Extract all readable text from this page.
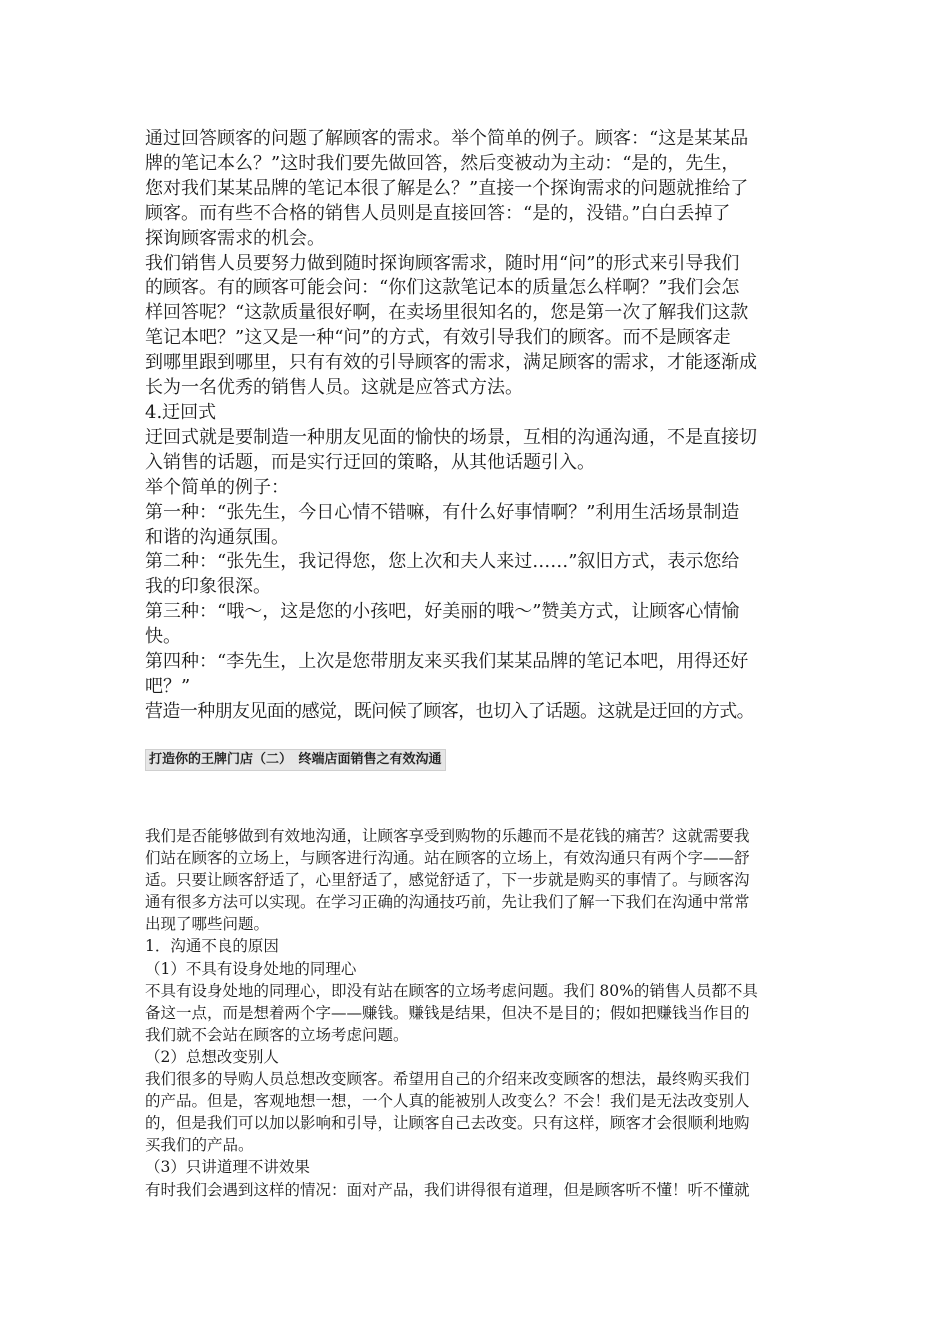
通过回答顾客的问题了解顾客的需求。举个简单的例子。顾客：“这是某某品

牌的笔记本么？”这时我们要先做回答，然后变被动为主动：“是的，先生，

您对我们某某品牌的笔记本很了解是么？”直接一个探询需求的问题就推给了

顾客。而有些不合格的销售人员则是直接回答：“是的，没错。”白白丢掉了

探询顾客需求的机会。

我们销售人员要努力做到随时探询顾客需求，随时用“问”的形式来引导我们

的顾客。有的顾客可能会问：“你们这款笔记本的质量怎么样啊？”我们会怎

样回答呢？“这款质量很好啊，在卖场里很知名的，您是第一次了解我们这款

笔记本吧？”这又是一种“问”的方式，有效引导我们的顾客。而不是顾客走

到哪里跟到哪里，只有有效的引导顾客的需求，满足顾客的需求，才能逐渐成

长为一名优秀的销售人员。这就是应答式方法。

4.迂回式

迂回式就是要制造一种朋友见面的愉快的场景，互相的沟通沟通，不是直接切

入销售的话题，而是实行迂回的策略，从其他话题引入。

举个简单的例子：

第一种：“张先生，今日心情不错嘛，有什么好事情啊？”利用生活场景制造

和谐的沟通氛围。

第二种：“张先生，我记得您，您上次和夫人来过……”叙旧方式，表示您给

我的印象很深。

第三种：“哦～，这是您的小孩吧，好美丽的哦～”赞美方式，让顾客心情愉

快。

第四种：“李先生，上次是您带朋友来买我们某某品牌的笔记本吧，用得还好

吧？”

营造一种朋友见面的感觉，既问候了顾客，也切入了话题。这就是迂回的方式。

打造你的王牌门店（二）　终端店面销售之有效沟通

我们是否能够做到有效地沟通，让顾客享受到购物的乐趣而不是花钱的痛苦？这就需要我

们站在顾客的立场上，与顾客进行沟通。站在顾客的立场上，有效沟通只有两个字——舒

适。只要让顾客舒适了，心里舒适了，感觉舒适了，下一步就是购买的事情了。与顾客沟

通有很多方法可以实现。在学习正确的沟通技巧前，先让我们了解一下我们在沟通中常常

出现了哪些问题。

1．沟通不良的原因

（1）不具有设身处地的同理心

不具有设身处地的同理心，即没有站在顾客的立场考虑问题。我们 80%的销售人员都不具

备这一点，而是想着两个字——赚钱。赚钱是结果，但决不是目的；假如把赚钱当作目的

我们就不会站在顾客的立场考虑问题。

（2）总想改变别人

我们很多的导购人员总想改变顾客。希望用自己的介绍来改变顾客的想法，最终购买我们

的产品。但是，客观地想一想，一个人真的能被别人改变么？不会！我们是无法改变别人

的，但是我们可以加以影响和引导，让顾客自己去改变。只有这样，顾客才会很顺利地购

买我们的产品。

（3）只讲道理不讲效果

有时我们会遇到这样的情况：面对产品，我们讲得很有道理，但是顾客听不懂！听不懂就
